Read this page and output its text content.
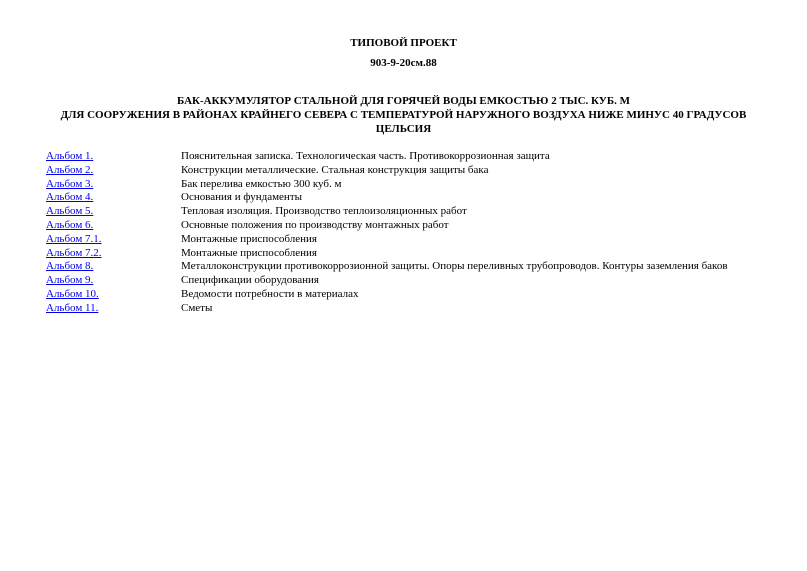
ТИПОВОЙ ПРОЕКТ

903-9-20см.88

БАК-АККУМУЛЯТОР СТАЛЬНОЙ ДЛЯ ГОРЯЧЕЙ ВОДЫ ЕМКОСТЬЮ 2 ТЫС. КУБ. М
ДЛЯ СООРУЖЕНИЯ В РАЙОНАХ КРАЙНЕГО СЕВЕРА С ТЕМПЕРАТУРОЙ НАРУЖНОГО ВОЗДУХА НИЖЕ МИНУС 40 ГРАДУСОВ
ЦЕЛЬСИЯ

Альбом 1.	Пояснительная записка. Технологическая часть. Противокоррозионная защита
Альбом 2.	Конструкции металлические. Стальная конструкция защиты бака
Альбом 3.	Бак перелива емкостью 300 куб. м
Альбом 4.	Основания и фундаменты
Альбом 5.	Тепловая изоляция. Производство теплоизоляционных работ
Альбом 6.	Основные положения по производству монтажных работ
Альбом 7.1.	Монтажные приспособления
Альбом 7.2.	Монтажные приспособления
Альбом 8.	Металлоконструкции противокоррозионной защиты. Опоры переливных трубопроводов. Контуры заземления баков
Альбом 9.	Спецификации оборудования
Альбом 10.	Ведомости потребности в материалах
Альбом 11.	Сметы
